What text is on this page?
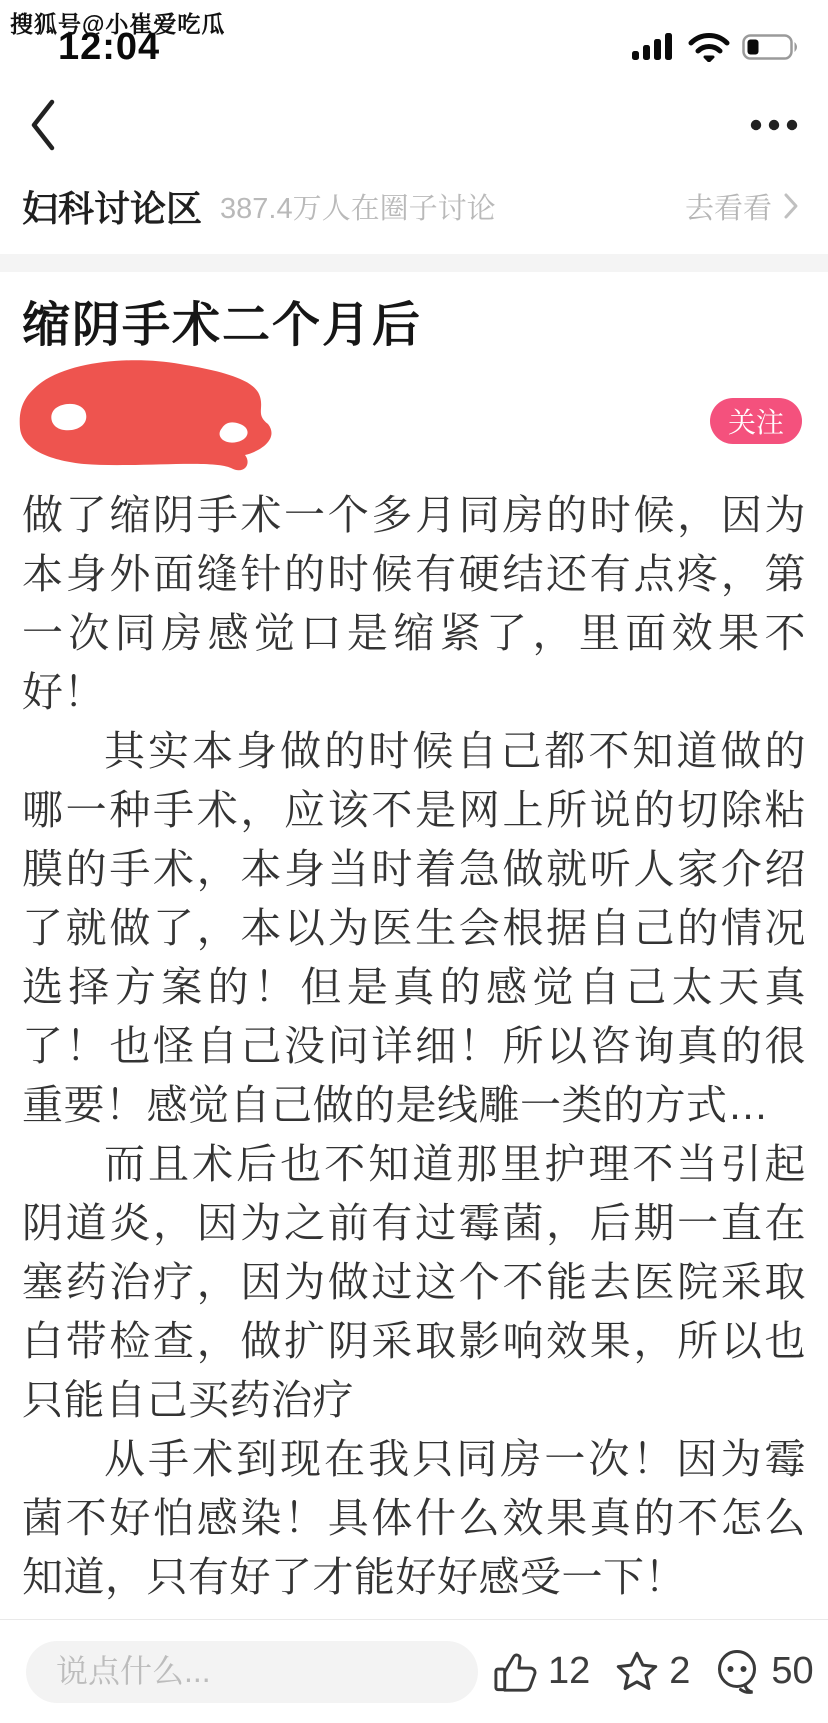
搜狐号@小崔爱吃瓜
12:04
妇科讨论区 387.4万人在圈子讨论	去看看
缩阴手术二个月后
关注

做了缩阴手术一个多月同房的时候，因为本身外面缝针的时候有硬结还有点疼，第一次同房感觉口是缩紧了，里面效果不好！

其实本身做的时候自己都不知道做的哪一种手术，应该不是网上所说的切除粘膜的手术，本身当时着急做就听人家介绍了就做了，本以为医生会根据自己的情况选择方案的！但是真的感觉自己太天真了！也怪自己没问详细！所以咨询真的很重要！感觉自己做的是线雕一类的方式…

而且术后也不知道那里护理不当引起阴道炎，因为之前有过霉菌，后期一直在塞药治疗，因为做过这个不能去医院采取白带检查，做扩阴采取影响效果，所以也只能自己买药治疗

从手术到现在我只同房一次！因为霉菌不好怕感染！具体什么效果真的不怎么知道，只有好了才能好好感受一下！

说点什么...
12 2 50
